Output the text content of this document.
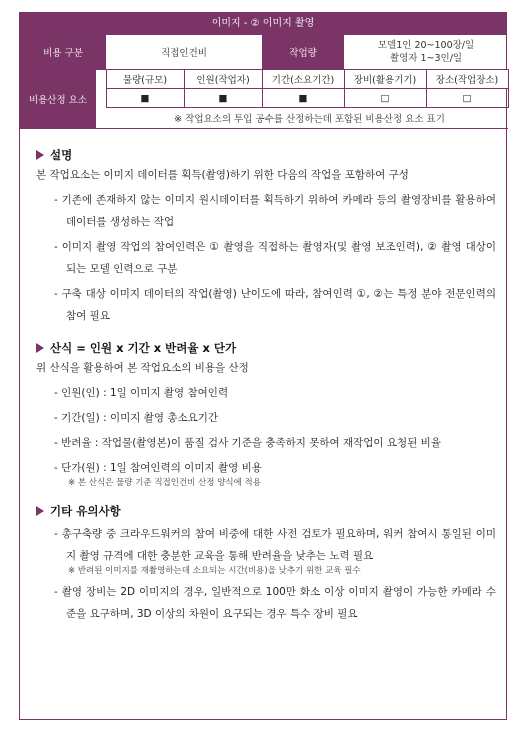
이미지 - ② 이미지 촬영
비용 구분		직접인건비		작업량	모델1인 20~100장/일
촬영자 1~3인/일	

비용산정 요소		물량(규모)	인원(작업자)	기간(소요기간)	장비(활용기기)	장소(작업장소)
		■	■	■	□	□
		※ 작업요소의 투입 공수를 산정하는데 포함된 비용산정 요소 표기				
설명
본 작업요소는 이미지 데이터를 획득(촬영)하기 위한 다음의 작업을 포함하여 구성
- 기존에 존재하지 않는 이미지 원시데이터를 획득하기 위하여 카메라 등의 촬영장비를 활용하여 데이터를 생성하는 작업
- 이미지 촬영 작업의 참여인력은 ① 촬영을 직접하는 촬영자(및 촬영 보조인력), ② 촬영 대상이 되는 모델 인력으로 구분
- 구축 대상 이미지 데이터의 작업(촬영) 난이도에 따라, 참여인력 ①, ②는 특정 분야 전문인력의 참여 필요
산식 = 인원 x 기간 x 반려율 x 단가
위 산식을 활용하여 본 작업요소의 비용을 산정
- 인원(인) : 1일 이미지 촬영 참여인력
- 기간(일) : 이미지 촬영 총소요기간
- 반려율 : 작업물(촬영본)이 품질 검사 기준을 충족하지 못하여 재작업이 요청된 비율
- 단가(원) : 1일 참여인력의 이미지 촬영 비용
※ 본 산식은 물량 기준 직접인건비 산정 양식에 적용
기타 유의사항
- 총구축량 중 크라우드워커의 참여 비중에 대한 사전 검토가 필요하며, 워커 참여시 통일된 이미지 촬영 규격에 대한 충분한 교육을 통해 반려율을 낮추는 노력 필요
※ 반려된 이미지를 재촬영하는데 소요되는 시간(비용)을 낮추기 위한 교육 필수
- 촬영 장비는 2D 이미지의 경우, 일반적으로 100만 화소 이상 이미지 촬영이 가능한 카메라 수준을 요구하며, 3D 이상의 차원이 요구되는 경우 특수 장비 필요
